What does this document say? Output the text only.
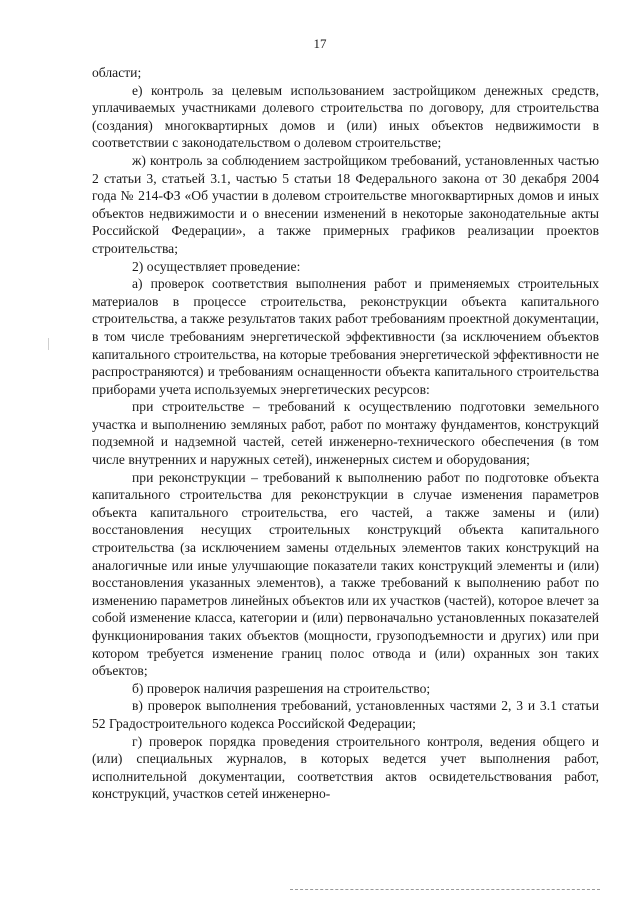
17

области;

е) контроль за целевым использованием застройщиком денежных средств, уплачиваемых участниками долевого строительства по договору, для строительства (создания) многоквартирных домов и (или) иных объектов недвижимости в соответствии с законодательством о долевом строительстве;

ж) контроль за соблюдением застройщиком требований, установленных частью 2 статьи 3, статьей 3.1, частью 5 статьи 18 Федерального закона от 30 декабря 2004 года № 214-ФЗ «Об участии в долевом строительстве многоквартирных домов и иных объектов недвижимости и о внесении изменений в некоторые законодательные акты Российской Федерации», а также примерных графиков реализации проектов строительства;

2) осуществляет проведение:

а) проверок соответствия выполнения работ и применяемых строительных материалов в процессе строительства, реконструкции объекта капитального строительства, а также результатов таких работ требованиям проектной документации, в том числе требованиям энергетической эффективности (за исключением объектов капитального строительства, на которые требования энергетической эффективности не распространяются) и требованиям оснащенности объекта капитального строительства приборами учета используемых энергетических ресурсов:

при строительстве – требований к осуществлению подготовки земельного участка и выполнению земляных работ, работ по монтажу фундаментов, конструкций подземной и надземной частей, сетей инженерно-технического обеспечения (в том числе внутренних и наружных сетей), инженерных систем и оборудования;

при реконструкции – требований к выполнению работ по подготовке объекта капитального строительства для реконструкции в случае изменения параметров объекта капитального строительства, его частей, а также замены и (или) восстановления несущих строительных конструкций объекта капитального строительства (за исключением замены отдельных элементов таких конструкций на аналогичные или иные улучшающие показатели таких конструкций элементы и (или) восстановления указанных элементов), а также требований к выполнению работ по изменению параметров линейных объектов или их участков (частей), которое влечет за собой изменение класса, категории и (или) первоначально установленных показателей функционирования таких объектов (мощности, грузоподъемности и других) или при котором требуется изменение границ полос отвода и (или) охранных зон таких объектов;

б) проверок наличия разрешения на строительство;

в) проверок выполнения требований, установленных частями 2, 3 и 3.1 статьи 52 Градостроительного кодекса Российской Федерации;

г) проверок порядка проведения строительного контроля, ведения общего и (или) специальных журналов, в которых ведется учет выполнения работ, исполнительной документации, соответствия актов освидетельствования работ, конструкций, участков сетей инженерно-
